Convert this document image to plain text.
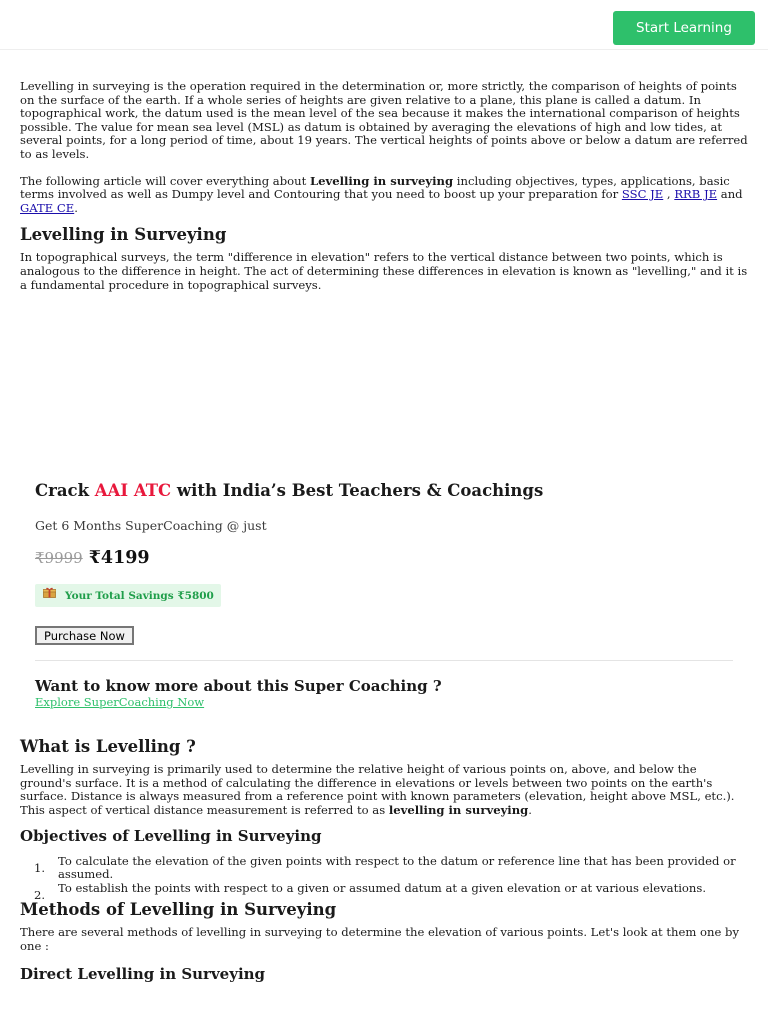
Start Learning

Levelling in surveying is the operation required in the determination or, more strictly, the comparison of heights of points on the surface of the earth. If a whole series of heights are given relative to a plane, this plane is called a datum. In topographical work, the datum used is the mean level of the sea because it makes the international comparison of heights possible. The value for mean sea level (MSL) as datum is obtained by averaging the elevations of high and low tides, at several points, for a long period of time, about 19 years. The vertical heights of points above or below a datum are referred to as levels.

The following article will cover everything about Levelling in surveying including objectives, types, applications, basic terms involved as well as Dumpy level and Contouring that you need to boost up your preparation for SSC JE , RRB JE and GATE CE.

Levelling in Surveying

In topographical surveys, the term "difference in elevation" refers to the vertical distance between two points, which is analogous to the difference in height. The act of determining these differences in elevation is known as "levelling," and it is a fundamental procedure in topographical surveys.

Crack AAI ATC with India’s Best Teachers & Coachings
Get 6 Months SuperCoaching @ just
₹9999 ₹4199
Your Total Savings ₹5800
Purchase Now
Want to know more about this Super Coaching ?
Explore SuperCoaching Now
What is Levelling ?

Levelling in surveying is primarily used to determine the relative height of various points on, above, and below the ground's surface. It is a method of calculating the difference in elevations or levels between two points on the earth's surface. Distance is always measured from a reference point with known parameters (elevation, height above MSL, etc.). This aspect of vertical distance measurement is referred to as levelling in surveying.

Objectives of Levelling in Surveying
1. To calculate the elevation of the given points with respect to the datum or reference line that has been provided or assumed.
2. To establish the points with respect to a given or assumed datum at a given elevation or at various elevations.
Methods of Levelling in Surveying

There are several methods of levelling in surveying to determine the elevation of various points. Let's look at them one by one :

Direct Levelling in Surveying
